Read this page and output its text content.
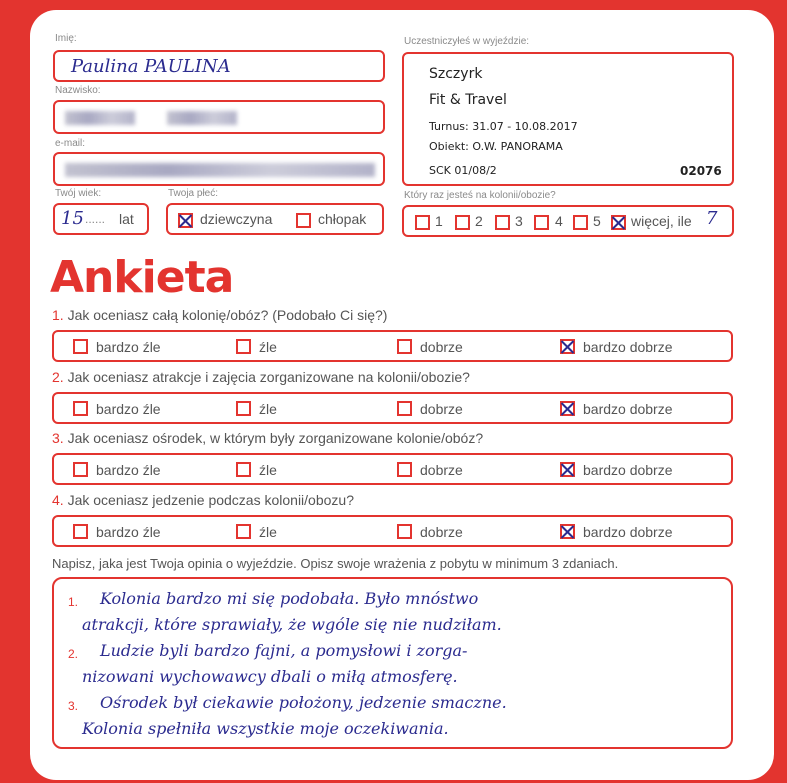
Imię:
Paulina PAULINA
Nazwisko:
e-mail:
Twój wiek:
15 ...... lat
Twoja płeć:
dziewczyna	chłopak
Uczestniczyłeś w wyjeździe:
Szczyrk
Fit & Travel
Turnus: 31.07 - 10.08.2017
Obiekt: O.W. PANORAMA
SCK 01/08/2	02076
Który raz jesteś na kolonii/obozie?
1 2 3 4 5 więcej, ile 7
Ankieta
1. Jak oceniasz całą kolonię/obóz? (Podobało Ci się?)
bardzo źle	źle	dobrze	bardzo dobrze
2. Jak oceniasz atrakcje i zajęcia zorganizowane na kolonii/obozie?
bardzo źle	źle	dobrze	bardzo dobrze
3. Jak oceniasz ośrodek, w którym były zorganizowane kolonie/obóz?
bardzo źle	źle	dobrze	bardzo dobrze
4. Jak oceniasz jedzenie podczas kolonii/obozu?
bardzo źle	źle	dobrze	bardzo dobrze
Napisz, jaka jest Twoja opinia o wyjeździe. Opisz swoje wrażenia z pobytu w minimum 3 zdaniach.
1.
2.
3.
Kolonia bardzo mi się podobała. Było mnóstwo
atrakcji, które sprawiały, że wgóle się nie nudziłam.
Ludzie byli bardzo fajni, a pomysłowi i zorga-
nizowani wychowawcy dbali o miłą atmosferę.
Ośrodek był ciekawie położony, jedzenie smaczne.
Kolonia spełniła wszystkie moje oczekiwania.
